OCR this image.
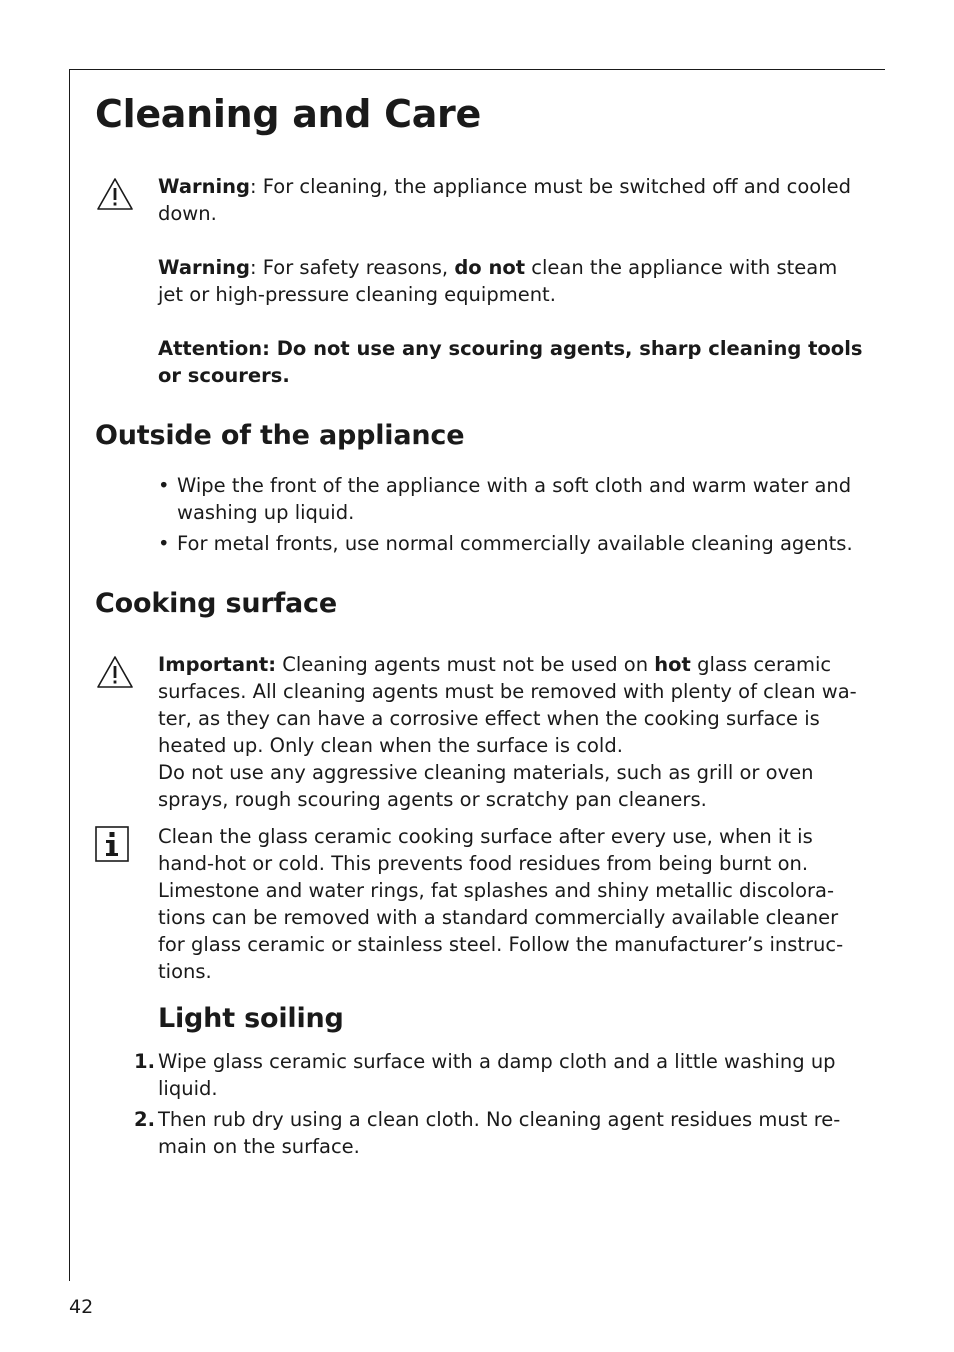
Cleaning and Care

Warning: For cleaning, the appliance must be switched off and cooled down.

Warning: For safety reasons, do not clean the appliance with steam jet or high-pressure cleaning equipment.

Attention: Do not use any scouring agents, sharp cleaning tools or scourers.

Outside of the appliance
• Wipe the front of the appliance with a soft cloth and warm water and washing up liquid.
• For metal fronts, use normal commercially available cleaning agents.
Cooking surface

Important: Cleaning agents must not be used on hot glass ceramic surfaces. All cleaning agents must be removed with plenty of clean wa-ter, as they can have a corrosive effect when the cooking surface is heated up. Only clean when the surface is cold.
Do not use any aggressive cleaning materials, such as grill or oven sprays, rough scouring agents or scratchy pan cleaners.

Clean the glass ceramic cooking surface after every use, when it is hand-hot or cold. This prevents food residues from being burnt on. Limestone and water rings, fat splashes and shiny metallic discolora-tions can be removed with a standard commercially available cleaner for glass ceramic or stainless steel. Follow the manufacturer’s instruc-tions.

Light soiling
1. Wipe glass ceramic surface with a damp cloth and a little washing up liquid.
2. Then rub dry using a clean cloth. No cleaning agent residues must re-main on the surface.
42
